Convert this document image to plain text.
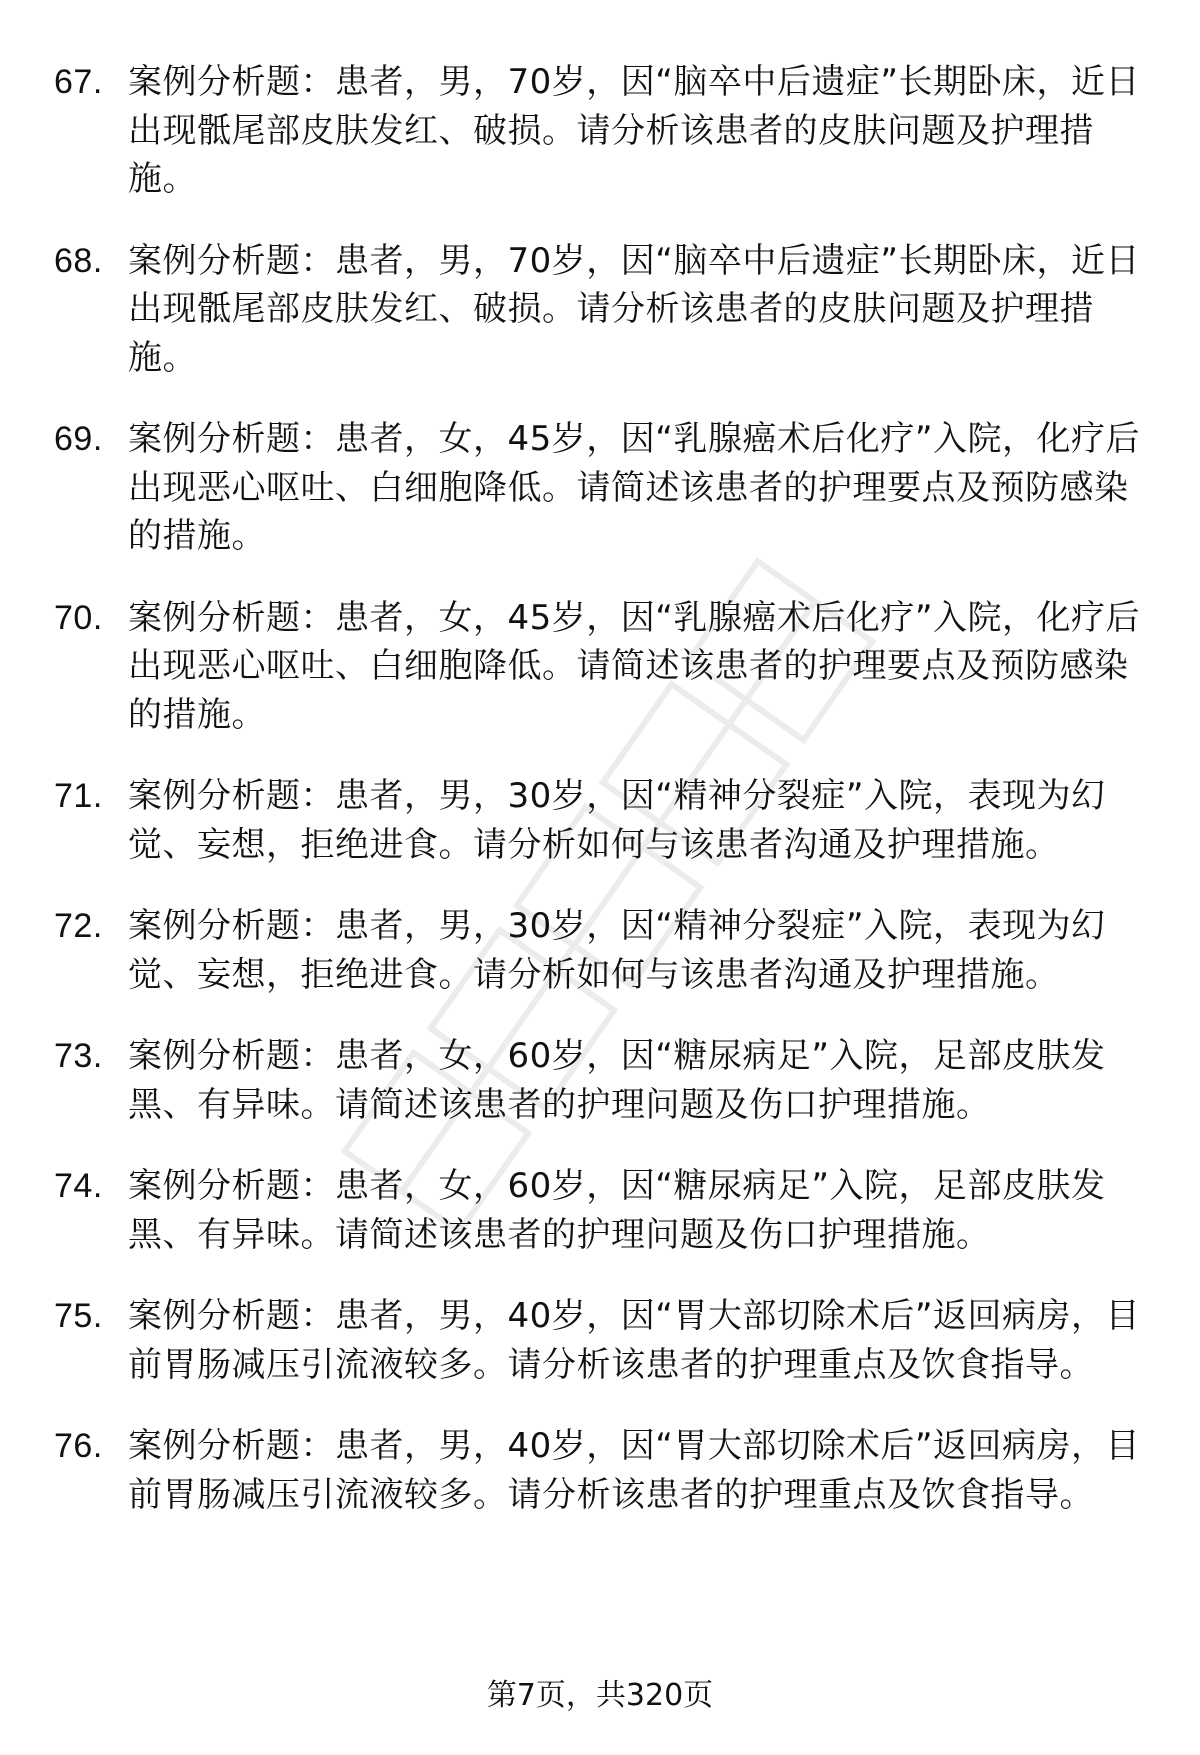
67. 案例分析题：患者，男，70岁，因“脑卒中后遗症”长期卧床，近日出现骶尾部皮肤发红、破损。请分析该患者的皮肤问题及护理措施。
68. 案例分析题：患者，男，70岁，因“脑卒中后遗症”长期卧床，近日出现骶尾部皮肤发红、破损。请分析该患者的皮肤问题及护理措施。
69. 案例分析题：患者，女，45岁，因“乳腺癌术后化疗”入院，化疗后出现恶心呕吐、白细胞降低。请简述该患者的护理要点及预防感染的措施。
70. 案例分析题：患者，女，45岁，因“乳腺癌术后化疗”入院，化疗后出现恶心呕吐、白细胞降低。请简述该患者的护理要点及预防感染的措施。
71. 案例分析题：患者，男，30岁，因“精神分裂症”入院，表现为幻觉、妄想，拒绝进食。请分析如何与该患者沟通及护理措施。
72. 案例分析题：患者，男，30岁，因“精神分裂症”入院，表现为幻觉、妄想，拒绝进食。请分析如何与该患者沟通及护理措施。
73. 案例分析题：患者，女，60岁，因“糖尿病足”入院，足部皮肤发黑、有异味。请简述该患者的护理问题及伤口护理措施。
74. 案例分析题：患者，女，60岁，因“糖尿病足”入院，足部皮肤发黑、有异味。请简述该患者的护理问题及伤口护理措施。
75. 案例分析题：患者，男，40岁，因“胃大部切除术后”返回病房，目前胃肠减压引流液较多。请分析该患者的护理重点及饮食指导。
76. 案例分析题：患者，男，40岁，因“胃大部切除术后”返回病房，目前胃肠减压引流液较多。请分析该患者的护理重点及饮食指导。
第7页，共320页
